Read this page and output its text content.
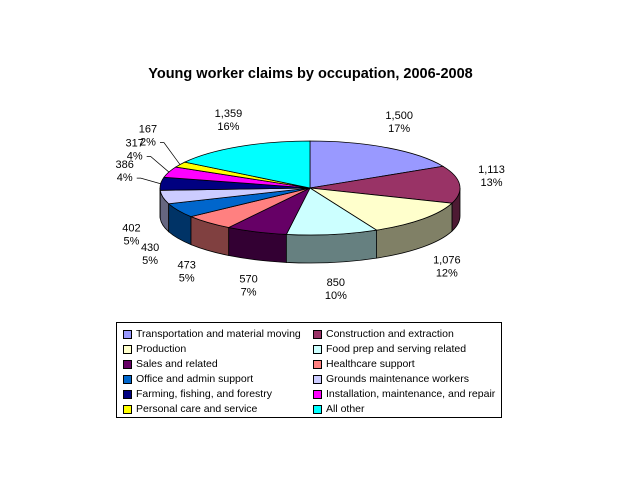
Young worker claims by occupation, 2006-2008
1,500
17%
1,113
13%
1,076
12%
850
10%
570
7%
473
5%
430
5%
402
5%
386
4%
317
4%
167
2%
1,359
16%
Transportation and material moving Construction and extraction
Production	Food prep and serving related
Sales and related	Healthcare support
Office and admin support	Grounds maintenance workers
Farming, fishing, and forestry	Installation, maintenance, and repair
Personal care and service	All other
